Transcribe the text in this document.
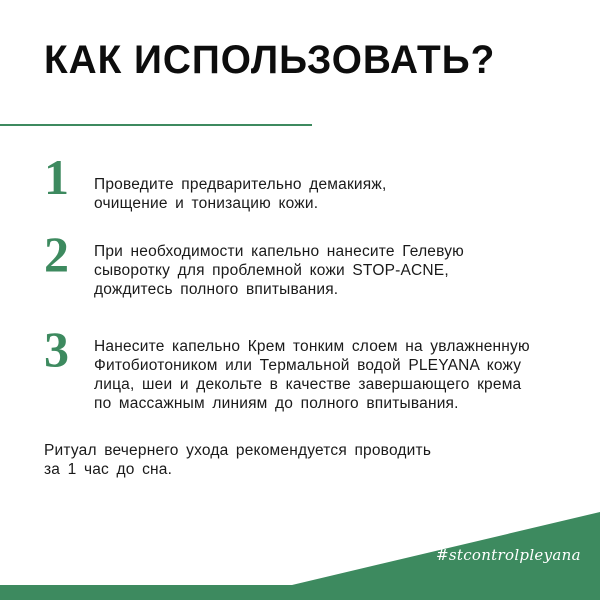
КАК ИСПОЛЬЗОВАТЬ?
1 Проведите предварительно демакияж,
очищение и тонизацию кожи.

2 При необходимости капельно нанесите Гелевую
сыворотку для проблемной кожи STOP-ACNE,
дождитесь полного впитывания.

3 Нанесите капельно Крем тонким слоем на увлажненную
Фитобиотоником или Термальной водой PLEYANA кожу
лица, шеи и декольте в качестве завершающего крема
по массажным линиям до полного впитывания.

Ритуал вечернего ухода рекомендуется проводить
за 1 час до сна.

#stcontrolpleyana
